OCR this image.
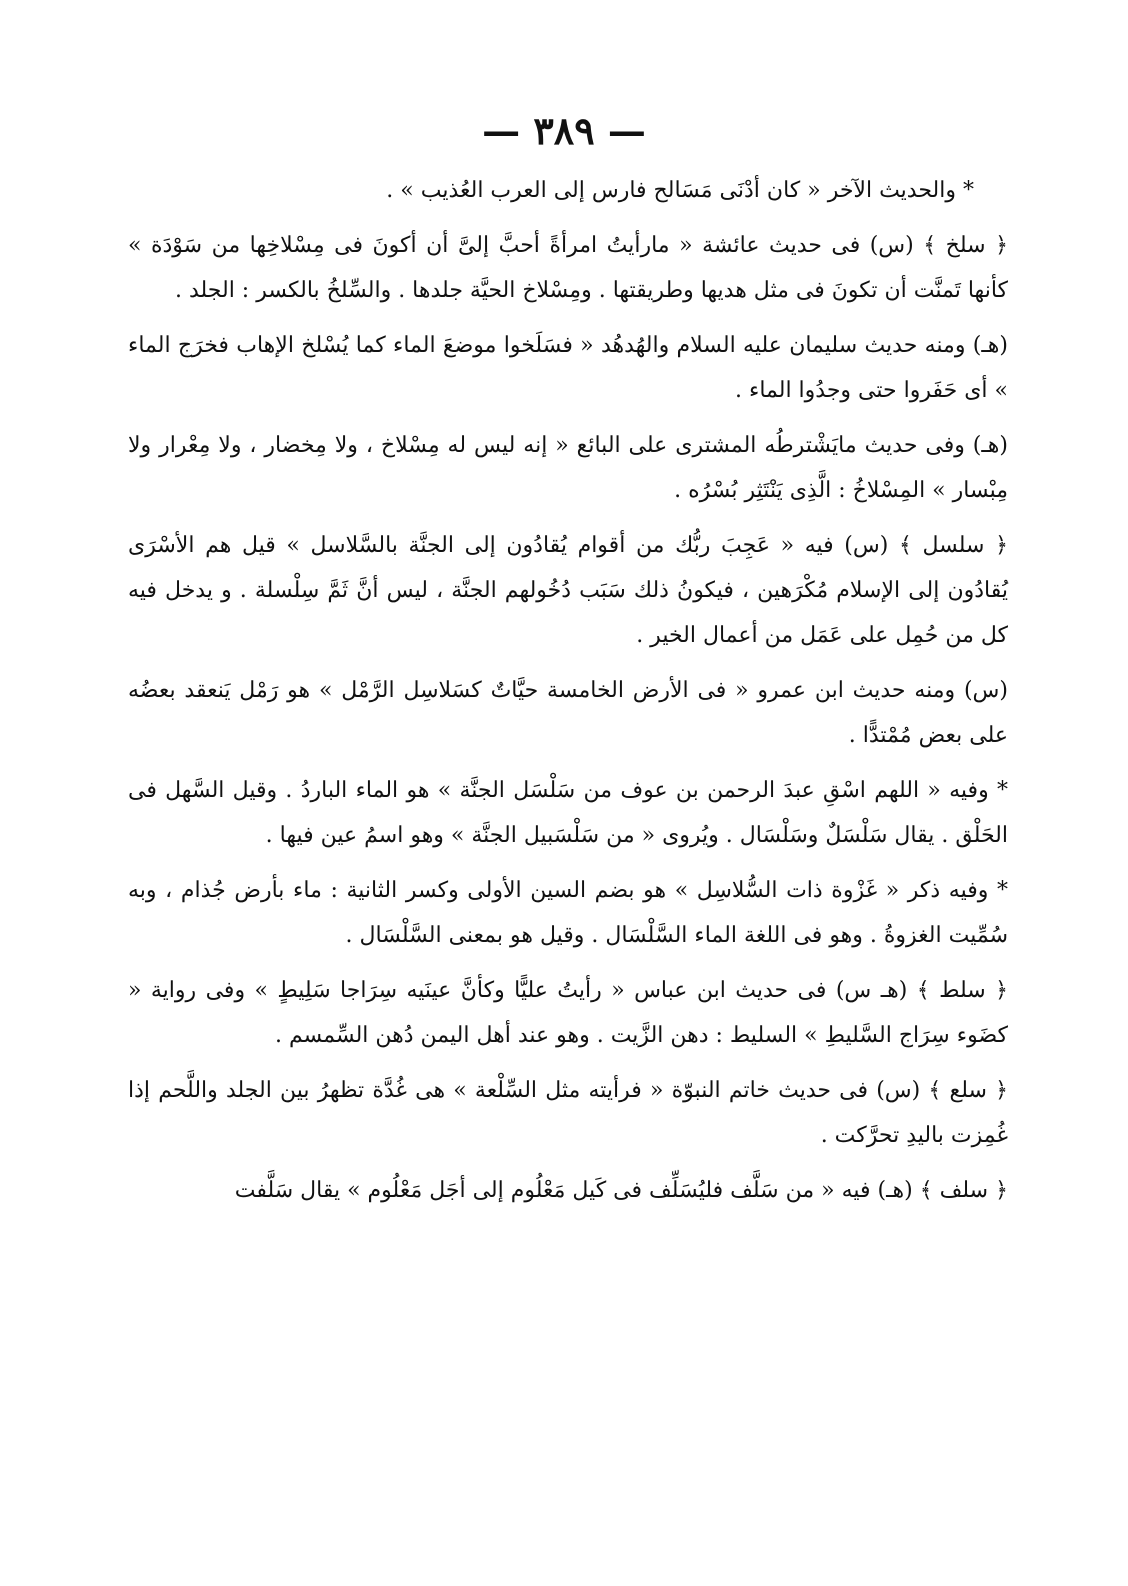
— ٣٨٩ —

* والحديث الآخر « كان أدْنَى مَسَالح فارس إلى العرب العُذيب » .

﴿ سلخ ﴾ (س) فى حديث عائشة « مارأيتُ امرأةً أحبَّ إلىَّ أن أكونَ فى مِسْلاخِها من سَوْدَة » كأنها تَمنَّت أن تكونَ فى مثل هديها وطريقتها . ومِسْلاخ الحيَّة جلدها . والسِّلخُ بالكسر : الجلد .

(هـ) ومنه حديث سليمان عليه السلام والهُدهُد « فسَلَخوا موضعَ الماء كما يُسْلخ الإهاب فخرَج الماء » أى حَفَروا حتى وجدُوا الماء .

(هـ) وفى حديث مايَشْترطُه المشترى على البائع « إنه ليس له مِسْلاخ ، ولا مِخضار ، ولا مِعْرار ولا مِبْسار » المِسْلاخُ : الَّذِى يَنْتَثِر بُسْرُه .

﴿ سلسل ﴾ (س) فيه « عَجِبَ ربُّك من أقوام يُقادُون إلى الجنَّة بالسَّلاسل » قيل هم الأسْرَى يُقادُون إلى الإسلام مُكْرَهين ، فيكونُ ذلك سَبَب دُخُولهم الجنَّة ، ليس أنَّ ثَمَّ سِلْسلة . و يدخل فيه كل من حُمِل على عَمَل من أعمال الخير .

(س) ومنه حديث ابن عمرو « فى الأرض الخامسة حيَّاتٌ كسَلاسِل الرَّمْل » هو رَمْل يَنعقد بعضُه على بعض مُمْتدًّا .

* وفيه « اللهم اسْقِ عبدَ الرحمن بن عوف من سَلْسَل الجنَّة » هو الماء الباردُ . وقيل السَّهل فى الحَلْق . يقال سَلْسَلٌ وسَلْسَال . ويُروى « من سَلْسَبيل الجنَّة » وهو اسمُ عين فيها .

* وفيه ذكر « غَزْوة ذات السُّلاسِل » هو بضم السين الأولى وكسر الثانية : ماء بأرض جُذام ، وبه سُمِّيت الغزوةُ . وهو فى اللغة الماء السَّلْسَال . وقيل هو بمعنى السَّلْسَال .

﴿ سلط ﴾ (هـ س) فى حديث ابن عباس « رأيتُ عليًّا وكأنَّ عينَيه سِرَاجا سَلِيطٍ » وفى رواية « كضَوء سِرَاج السَّليطِ » السليط : دهن الزَّيت . وهو عند أهل اليمن دُهن السِّمسم .

﴿ سلع ﴾ (س) فى حديث خاتم النبوّة « فرأيته مثل السِّلْعة » هى غُدَّة تظهرُ بين الجلد واللَّحم إذا غُمِزت باليدِ تحرَّكت .

﴿ سلف ﴾ (هـ) فيه « من سَلَّف فليُسَلِّف فى كَيل مَعْلُوم إلى أجَل مَعْلُوم » يقال سَلَّفت
